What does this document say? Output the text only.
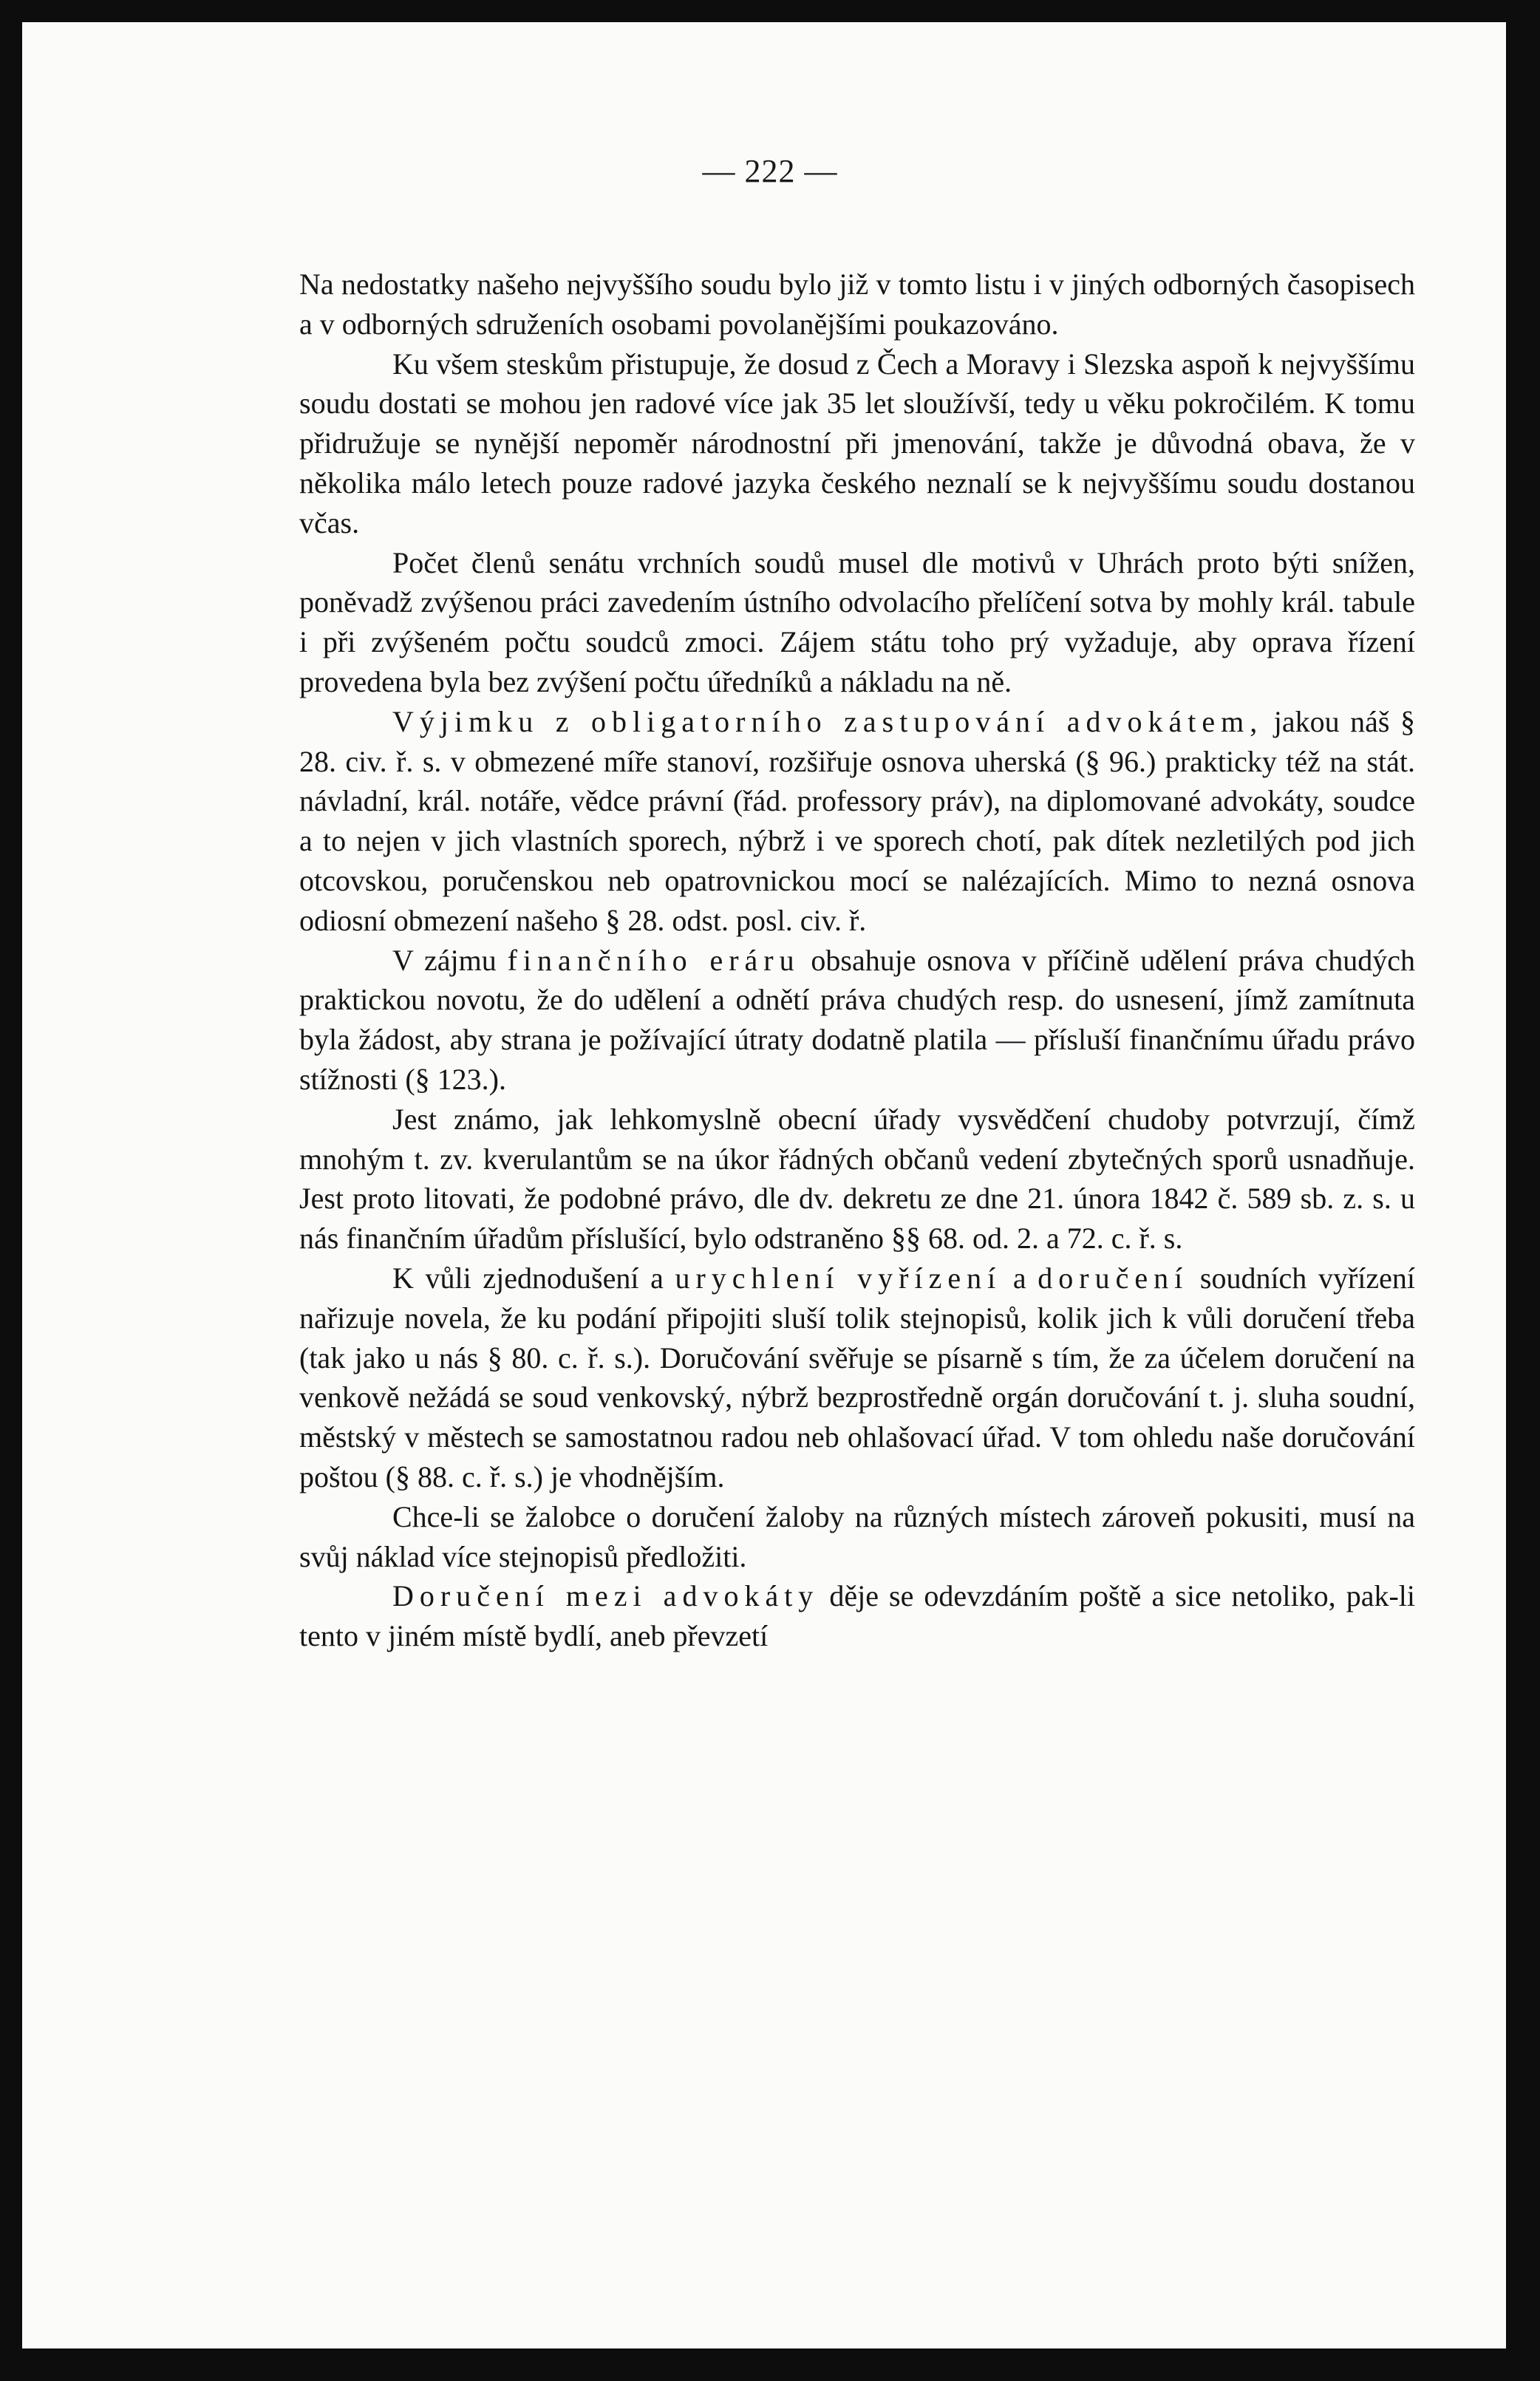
— 222 —

Na nedostatky našeho nejvyššího soudu bylo již v tomto listu i v jiných odborných časopisech a v odborných sdruženích osobami povolanějšími poukazováno.

Ku všem steskům přistupuje, že dosud z Čech a Moravy i Slezska aspoň k nejvyššímu soudu dostati se mohou jen radové více jak 35 let sloužívší, tedy u věku pokročilém. K tomu přidružuje se nynější nepoměr národnostní při jmenování, takže je důvodná obava, že v několika málo letech pouze radové jazyka českého neznalí se k nejvyššímu soudu dostanou včas.

Počet členů senátu vrchních soudů musel dle motivů v Uhrách proto býti snížen, poněvadž zvýšenou práci zavedením ústního odvolacího přelíčení sotva by mohly král. tabule i při zvýšeném počtu soudců zmoci. Zájem státu toho prý vyžaduje, aby oprava řízení provedena byla bez zvýšení počtu úředníků a nákladu na ně.

Výjimku z obligatorního zastupování advokátem, jakou náš § 28. civ. ř. s. v obmezené míře stanoví, rozšiřuje osnova uherská (§ 96.) prakticky též na stát. návladní, král. notáře, vědce právní (řád. professory práv), na diplomované advokáty, soudce a to nejen v jich vlastních sporech, nýbrž i ve sporech chotí, pak dítek nezletilých pod jich otcovskou, poručenskou neb opatrovnickou mocí se nalézajících. Mimo to nezná osnova odiosní obmezení našeho § 28. odst. posl. civ. ř.

V zájmu finančního eráru obsahuje osnova v příčině udělení práva chudých praktickou novotu, že do udělení a odnětí práva chudých resp. do usnesení, jímž zamítnuta byla žádost, aby strana je požívající útraty dodatně platila — přísluší finančnímu úřadu právo stížnosti (§ 123.).

Jest známo, jak lehkomyslně obecní úřady vysvědčení chudoby potvrzují, čímž mnohým t. zv. kverulantům se na úkor řádných občanů vedení zbytečných sporů usnadňuje. Jest proto litovati, že podobné právo, dle dv. dekretu ze dne 21. února 1842 č. 589 sb. z. s. u nás finančním úřadům příslušící, bylo odstraněno §§ 68. od. 2. a 72. c. ř. s.

K vůli zjednodušení a urychlení vyřízení a doručení soudních vyřízení nařizuje novela, že ku podání připojiti sluší tolik stejnopisů, kolik jich k vůli doručení třeba (tak jako u nás § 80. c. ř. s.). Doručování svěřuje se písarně s tím, že za účelem doručení na venkově nežádá se soud venkovský, nýbrž bezprostředně orgán doručování t. j. sluha soudní, městský v městech se samostatnou radou neb ohlašovací úřad. V tom ohledu naše doručování poštou (§ 88. c. ř. s.) je vhodnějším.

Chce-li se žalobce o doručení žaloby na různých místech zároveň pokusiti, musí na svůj náklad více stejnopisů předložiti.

Doručení mezi advokáty děje se odevzdáním poště a sice netoliko, pak-li tento v jiném místě bydlí, aneb převzetí
